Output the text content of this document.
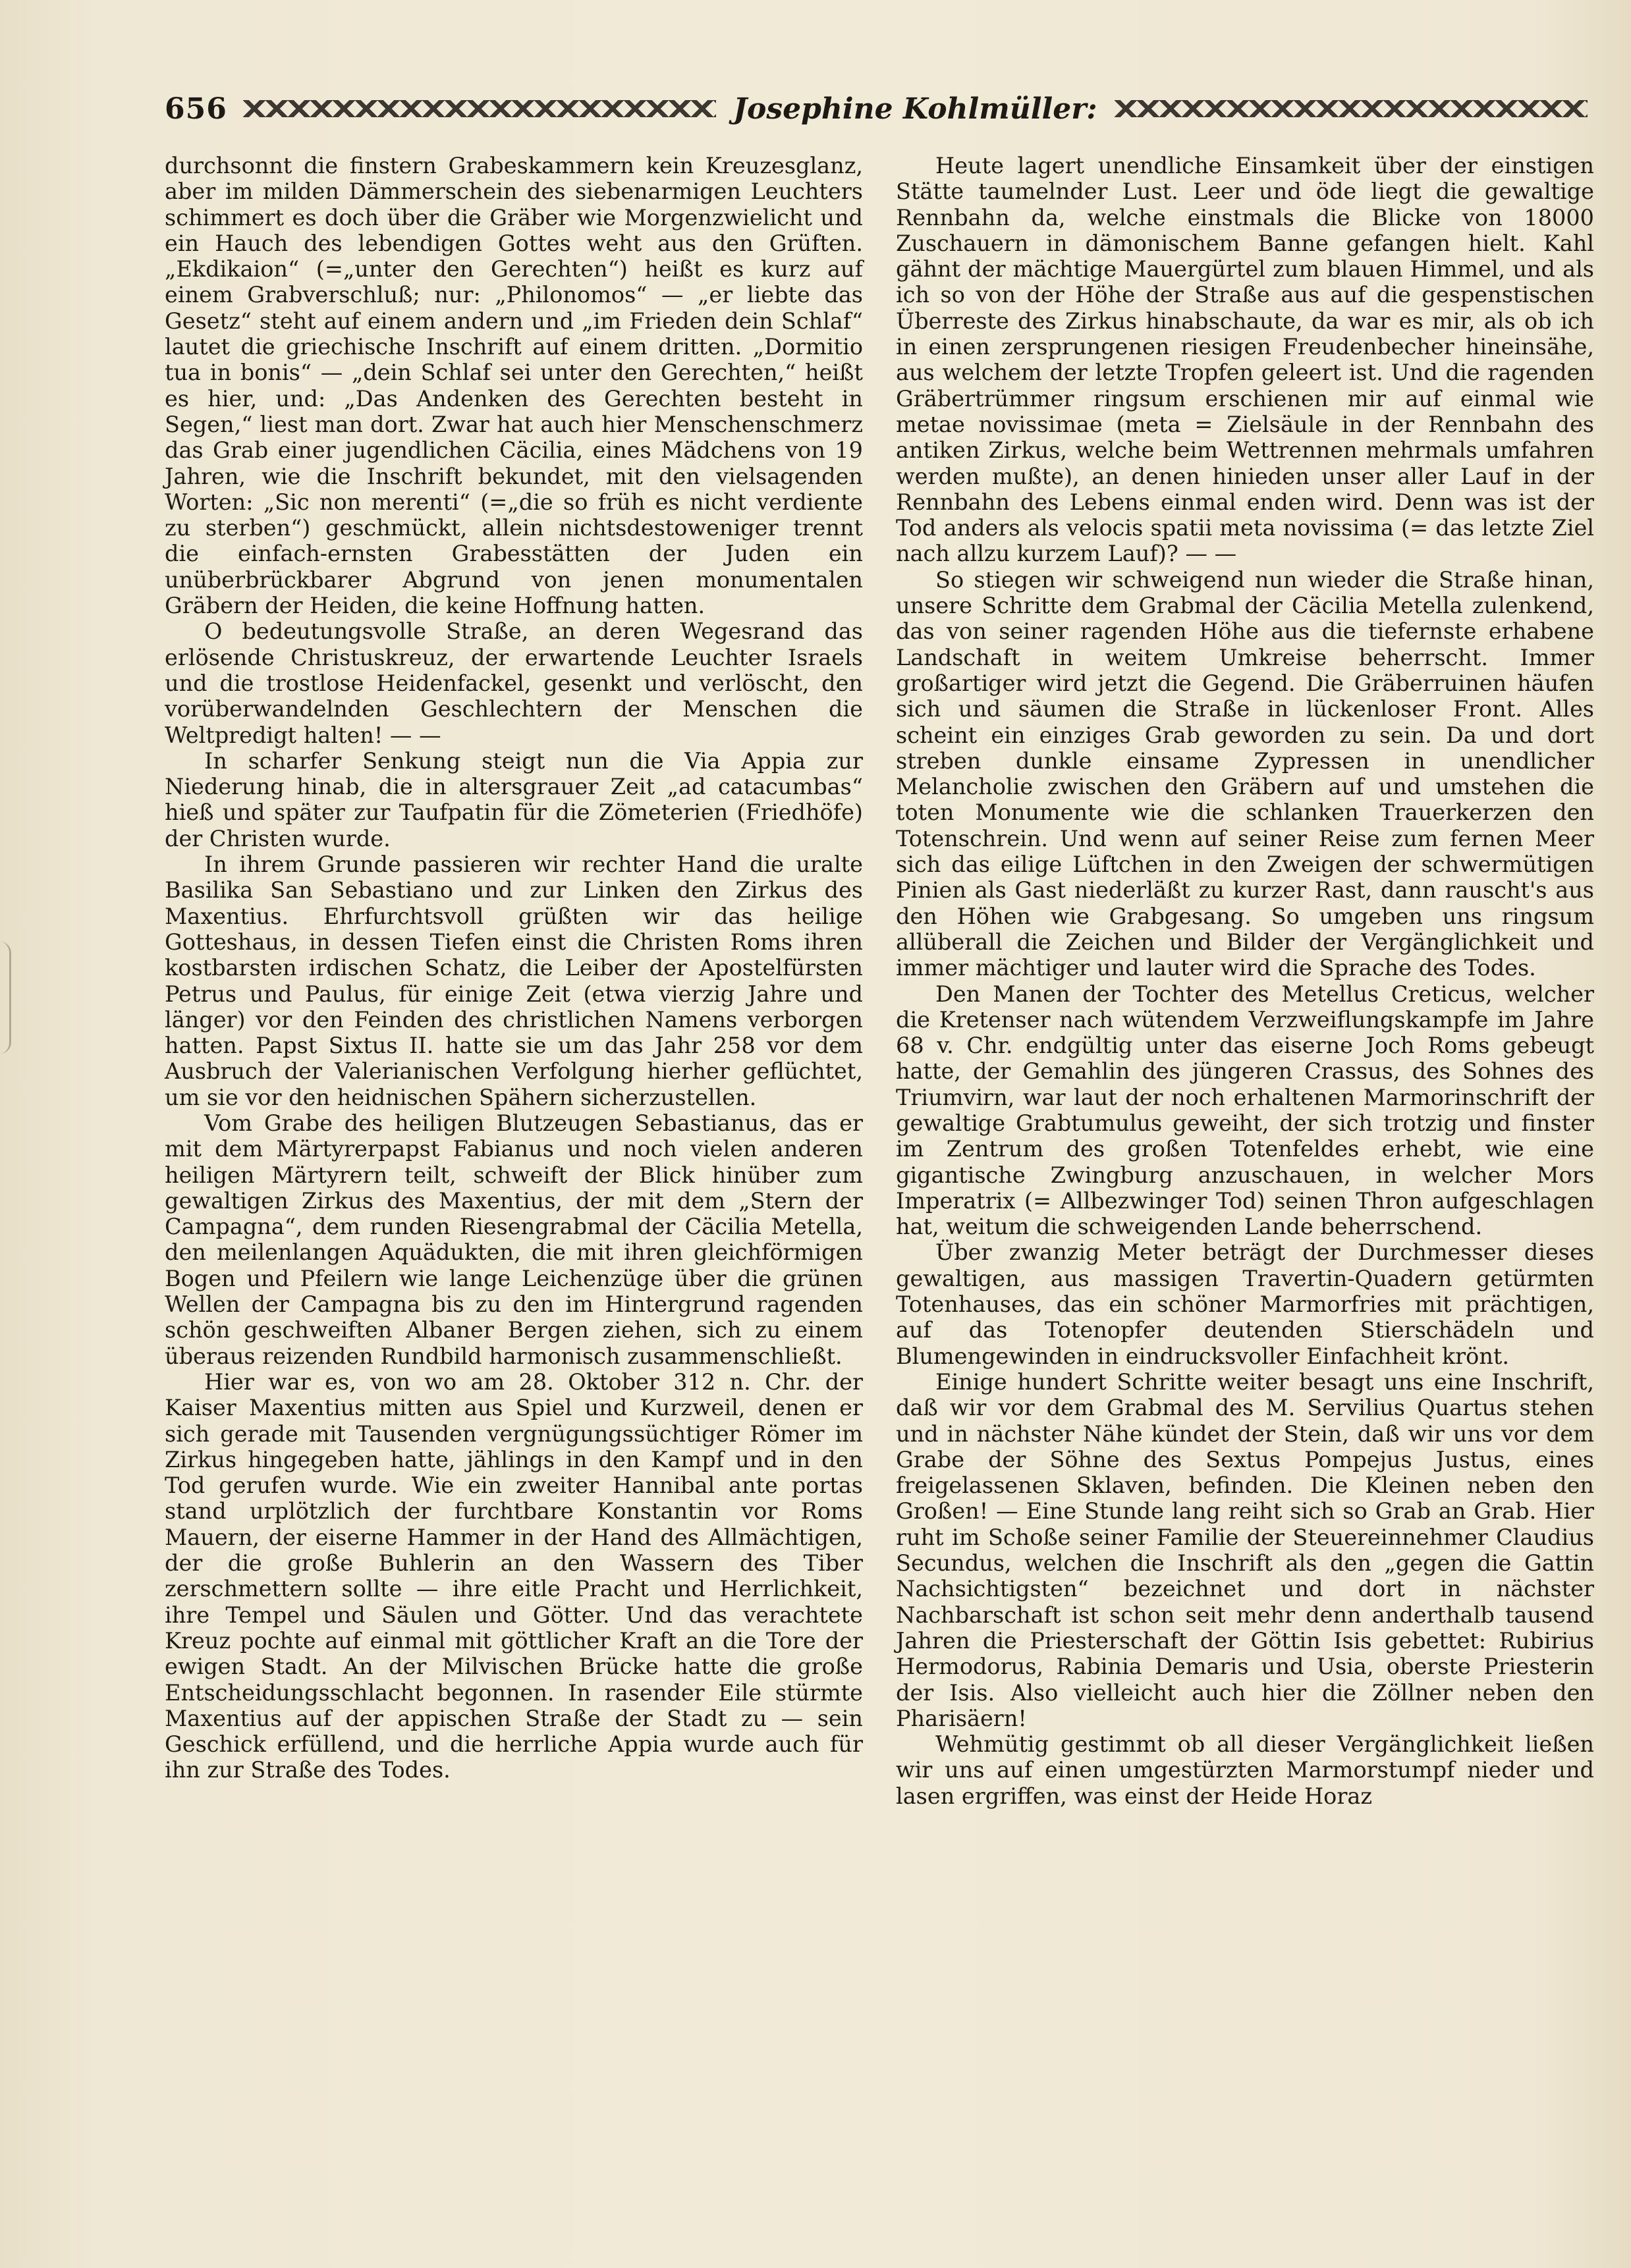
656	Josephine Kohlmüller:

durchsonnt die finstern Grabeskammern kein Kreuzesglanz, aber im milden Dämmerschein des siebenarmigen Leuchters schimmert es doch über die Gräber wie Morgenzwielicht und ein Hauch des lebendigen Gottes weht aus den Grüften. „Ekdikaion“ (=„unter den Gerechten“) heißt es kurz auf einem Grabverschluß; nur: „Philonomos“ — „er liebte das Gesetz“ steht auf einem andern und „im Frieden dein Schlaf“ lautet die griechische Inschrift auf einem dritten. „Dormitio tua in bonis“ — „dein Schlaf sei unter den Gerechten,“ heißt es hier, und: „Das Andenken des Gerechten besteht in Segen,“ liest man dort. Zwar hat auch hier Menschenschmerz das Grab einer jugendlichen Cäcilia, eines Mädchens von 19 Jahren, wie die Inschrift bekundet, mit den vielsagenden Worten: „Sic non merenti“ (=„die so früh es nicht verdiente zu sterben“) geschmückt, allein nichtsdestoweniger trennt die einfach-ernsten Grabesstätten der Juden ein unüberbrückbarer Abgrund von jenen monumentalen Gräbern der Heiden, die keine Hoffnung hatten.

O bedeutungsvolle Straße, an deren Wegesrand das erlösende Christuskreuz, der erwartende Leuchter Israels und die trostlose Heidenfackel, gesenkt und verlöscht, den vorüberwandelnden Geschlechtern der Menschen die Weltpredigt halten! — —

In scharfer Senkung steigt nun die Via Appia zur Niederung hinab, die in altersgrauer Zeit „ad catacumbas“ hieß und später zur Taufpatin für die Zömeterien (Friedhöfe) der Christen wurde.

In ihrem Grunde passieren wir rechter Hand die uralte Basilika San Sebastiano und zur Linken den Zirkus des Maxentius. Ehrfurchtsvoll grüßten wir das heilige Gotteshaus, in dessen Tiefen einst die Christen Roms ihren kostbarsten irdischen Schatz, die Leiber der Apostelfürsten Petrus und Paulus, für einige Zeit (etwa vierzig Jahre und länger) vor den Feinden des christlichen Namens verborgen hatten. Papst Sixtus II. hatte sie um das Jahr 258 vor dem Ausbruch der Valerianischen Verfolgung hierher geflüchtet, um sie vor den heidnischen Spähern sicherzustellen.

Vom Grabe des heiligen Blutzeugen Sebastianus, das er mit dem Märtyrerpapst Fabianus und noch vielen anderen heiligen Märtyrern teilt, schweift der Blick hinüber zum gewaltigen Zirkus des Maxentius, der mit dem „Stern der Campagna“, dem runden Riesengrabmal der Cäcilia Metella, den meilenlangen Aquädukten, die mit ihren gleichförmigen Bogen und Pfeilern wie lange Leichenzüge über die grünen Wellen der Campagna bis zu den im Hintergrund ragenden schön geschweiften Albaner Bergen ziehen, sich zu einem überaus reizenden Rundbild harmonisch zusammenschließt.

Hier war es, von wo am 28. Oktober 312 n. Chr. der Kaiser Maxentius mitten aus Spiel und Kurzweil, denen er sich gerade mit Tausenden vergnügungssüchtiger Römer im Zirkus hingegeben hatte, jählings in den Kampf und in den Tod gerufen wurde. Wie ein zweiter Hannibal ante portas stand urplötzlich der furchtbare Konstantin vor Roms Mauern, der eiserne Hammer in der Hand des Allmächtigen, der die große Buhlerin an den Wassern des Tiber zerschmettern sollte — ihre eitle Pracht und Herrlichkeit, ihre Tempel und Säulen und Götter. Und das verachtete Kreuz pochte auf einmal mit göttlicher Kraft an die Tore der ewigen Stadt. An der Milvischen Brücke hatte die große Entscheidungsschlacht begonnen. In rasender Eile stürmte Maxentius auf der appischen Straße der Stadt zu — sein Geschick erfüllend, und die herrliche Appia wurde auch für ihn zur Straße des Todes.

Heute lagert unendliche Einsamkeit über der einstigen Stätte taumelnder Lust. Leer und öde liegt die gewaltige Rennbahn da, welche einstmals die Blicke von 18000 Zuschauern in dämonischem Banne gefangen hielt. Kahl gähnt der mächtige Mauergürtel zum blauen Himmel, und als ich so von der Höhe der Straße aus auf die gespenstischen Überreste des Zirkus hinabschaute, da war es mir, als ob ich in einen zersprungenen riesigen Freudenbecher hineinsähe, aus welchem der letzte Tropfen geleert ist. Und die ragenden Gräbertrümmer ringsum erschienen mir auf einmal wie metae novissimae (meta = Zielsäule in der Rennbahn des antiken Zirkus, welche beim Wettrennen mehrmals umfahren werden mußte), an denen hinieden unser aller Lauf in der Rennbahn des Lebens einmal enden wird. Denn was ist der Tod anders als velocis spatii meta novissima (= das letzte Ziel nach allzu kurzem Lauf)? — —

So stiegen wir schweigend nun wieder die Straße hinan, unsere Schritte dem Grabmal der Cäcilia Metella zulenkend, das von seiner ragenden Höhe aus die tiefernste erhabene Landschaft in weitem Umkreise beherrscht. Immer großartiger wird jetzt die Gegend. Die Gräberruinen häufen sich und säumen die Straße in lückenloser Front. Alles scheint ein einziges Grab geworden zu sein. Da und dort streben dunkle einsame Zypressen in unendlicher Melancholie zwischen den Gräbern auf und umstehen die toten Monumente wie die schlanken Trauerkerzen den Totenschrein. Und wenn auf seiner Reise zum fernen Meer sich das eilige Lüftchen in den Zweigen der schwermütigen Pinien als Gast niederläßt zu kurzer Rast, dann rauscht's aus den Höhen wie Grabgesang. So umgeben uns ringsum allüberall die Zeichen und Bilder der Vergänglichkeit und immer mächtiger und lauter wird die Sprache des Todes.

Den Manen der Tochter des Metellus Creticus, welcher die Kretenser nach wütendem Verzweiflungskampfe im Jahre 68 v. Chr. endgültig unter das eiserne Joch Roms gebeugt hatte, der Gemahlin des jüngeren Crassus, des Sohnes des Triumvirn, war laut der noch erhaltenen Marmorinschrift der gewaltige Grabtumulus geweiht, der sich trotzig und finster im Zentrum des großen Totenfeldes erhebt, wie eine gigantische Zwingburg anzuschauen, in welcher Mors Imperatrix (= Allbezwinger Tod) seinen Thron aufgeschlagen hat, weitum die schweigenden Lande beherrschend.

Über zwanzig Meter beträgt der Durchmesser dieses gewaltigen, aus massigen Travertin-Quadern getürmten Totenhauses, das ein schöner Marmorfries mit prächtigen, auf das Totenopfer deutenden Stierschädeln und Blumengewinden in eindrucksvoller Einfachheit krönt.

Einige hundert Schritte weiter besagt uns eine Inschrift, daß wir vor dem Grabmal des M. Servilius Quartus stehen und in nächster Nähe kündet der Stein, daß wir uns vor dem Grabe der Söhne des Sextus Pompejus Justus, eines freigelassenen Sklaven, befinden. Die Kleinen neben den Großen! — Eine Stunde lang reiht sich so Grab an Grab. Hier ruht im Schoße seiner Familie der Steuereinnehmer Claudius Secundus, welchen die Inschrift als den „gegen die Gattin Nachsichtigsten“ bezeichnet und dort in nächster Nachbarschaft ist schon seit mehr denn anderthalb tausend Jahren die Priesterschaft der Göttin Isis gebettet: Rubirius Hermodorus, Rabinia Demaris und Usia, oberste Priesterin der Isis. Also vielleicht auch hier die Zöllner neben den Pharisäern!

Wehmütig gestimmt ob all dieser Vergänglichkeit ließen wir uns auf einen umgestürzten Marmorstumpf nieder und lasen ergriffen, was einst der Heide Horaz
